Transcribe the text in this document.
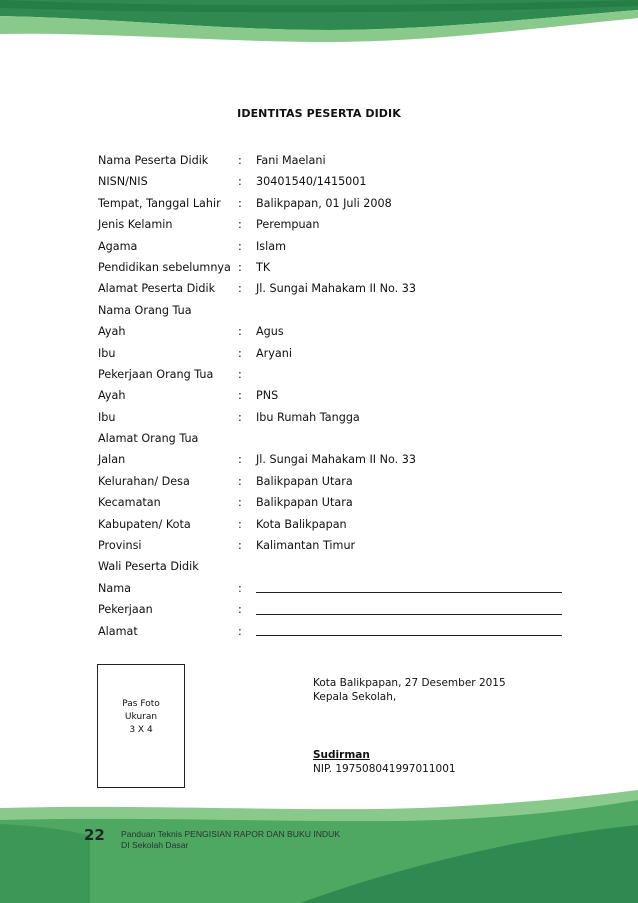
IDENTITAS PESERTA DIDIK
Nama Peserta Didik	: Fani Maelani
NISN/NIS	: 30401540/1415001
Tempat, Tanggal Lahir : Balikpapan, 01 Juli 2008
Jenis Kelamin	: Perempuan
Agama	: Islam
Pendidikan sebelumnya : TK
Alamat Peserta Didik : Jl. Sungai Mahakam II No. 33
Nama Orang Tua
Ayah	: Agus
Ibu	: Aryani
Pekerjaan Orang Tua :
Ayah	: PNS
Ibu	: Ibu Rumah Tangga
Alamat Orang Tua
Jalan	: Jl. Sungai Mahakam II No. 33
Kelurahan/ Desa	: Balikpapan Utara
Kecamatan	: Balikpapan Utara
Kabupaten/ Kota	: Kota Balikpapan
Provinsi	: Kalimantan Timur
Wali Peserta Didik
Nama	:
Pekerjaan	:
Alamat	:
Pas Foto
Ukuran
3 X 4
Kota Balikpapan, 27 Desember 2015
Kepala Sekolah,
Sudirman
NIP. 197508041997011001
22 Panduan Teknis PENGISIAN RAPOR DAN BUKU INDUK
DI Sekolah Dasar
